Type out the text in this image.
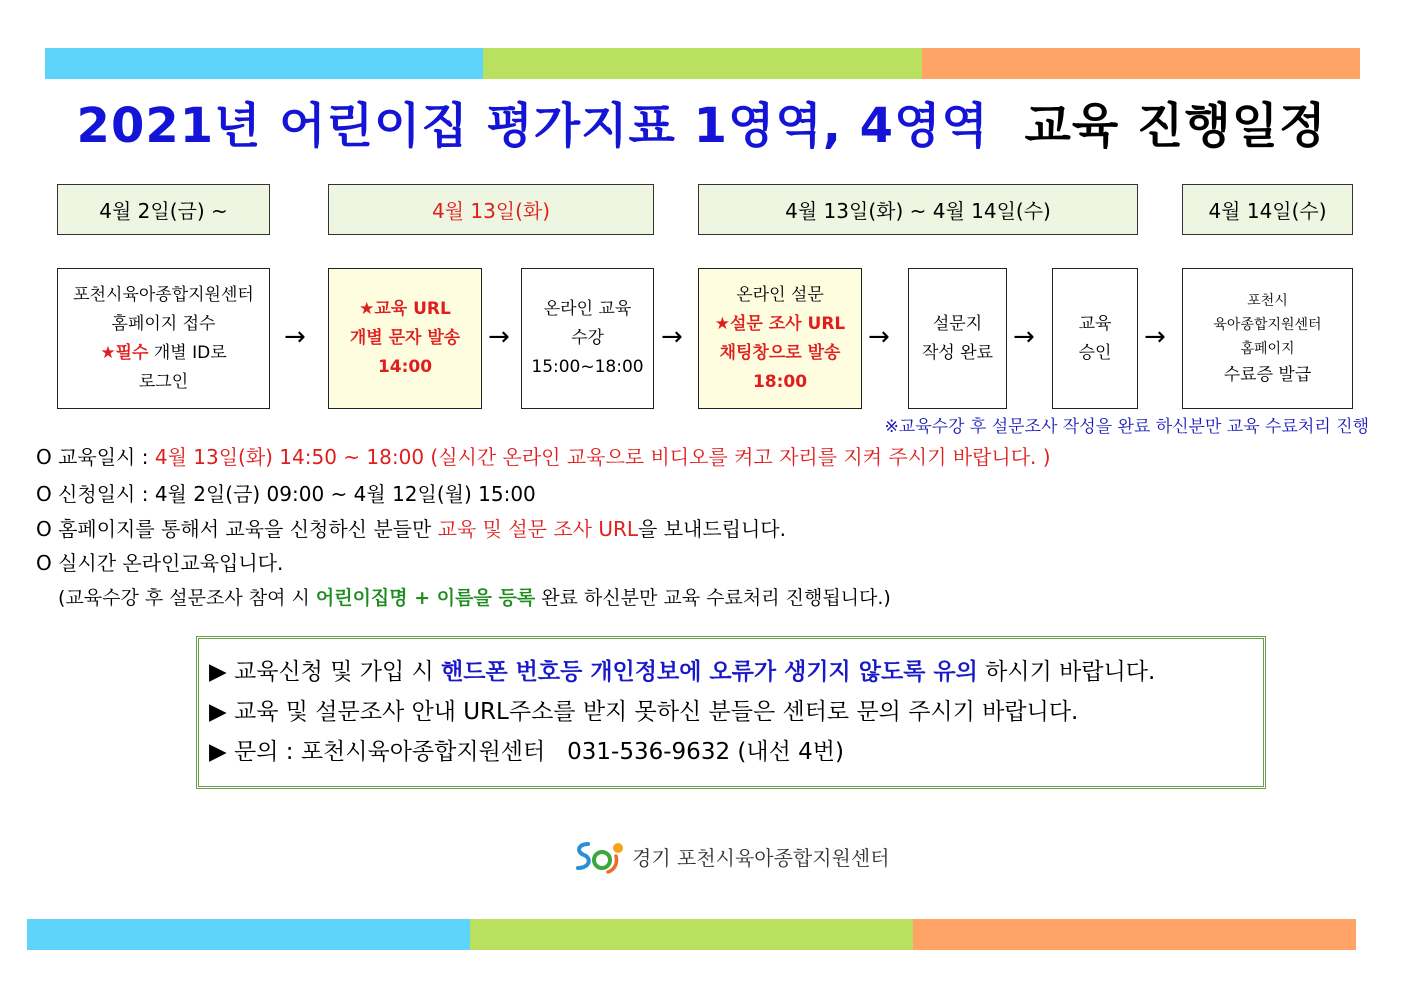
2021년 어린이집 평가지표 1영역, 4영역 교육 진행일정
4월 2일(금) ~	4월 13일(화)	4월 13일(화) ~ 4월 14일(수)	4월 14일(수)
포천시육아종합지원센터
홈페이지 접수
★필수 개별 ID로
로그인
→
★교육 URL
개별 문자 발송
14:00
→
온라인 교육
수강
15:00~18:00
→
온라인 설문
★설문 조사 URL
채팅창으로 발송
18:00
→	설문지
작성 완료
→	교육
승인
→
포천시
육아종합지원센터
홈페이지
수료증 발급
※교육수강 후 설문조사 작성을 완료 하신분만 교육 수료처리 진행
O 교육일시 : 4월 13일(화) 14:50 ~ 18:00 (실시간 온라인 교육으로 비디오를 켜고 자리를 지켜 주시기 바랍니다. )
O 신청일시 : 4월 2일(금) 09:00 ~ 4월 12일(월) 15:00
O 홈페이지를 통해서 교육을 신청하신 분들만 교육 및 설문 조사 URL을 보내드립니다.
O 실시간 온라인교육입니다.
(교육수강 후 설문조사 참여 시 어린이집명 + 이름을 등록 완료 하신분만 교육 수료처리 진행됩니다.)
▶ 교육신청 및 가입 시 핸드폰 번호등 개인정보에 오류가 생기지 않도록 유의 하시기 바랍니다.
▶ 교육 및 설문조사 안내 URL주소를 받지 못하신 분들은 센터로 문의 주시기 바랍니다.
▶ 문의 : 포천시육아종합지원센터   031-536-9632 (내선 4번)
경기 포천시육아종합지원센터
